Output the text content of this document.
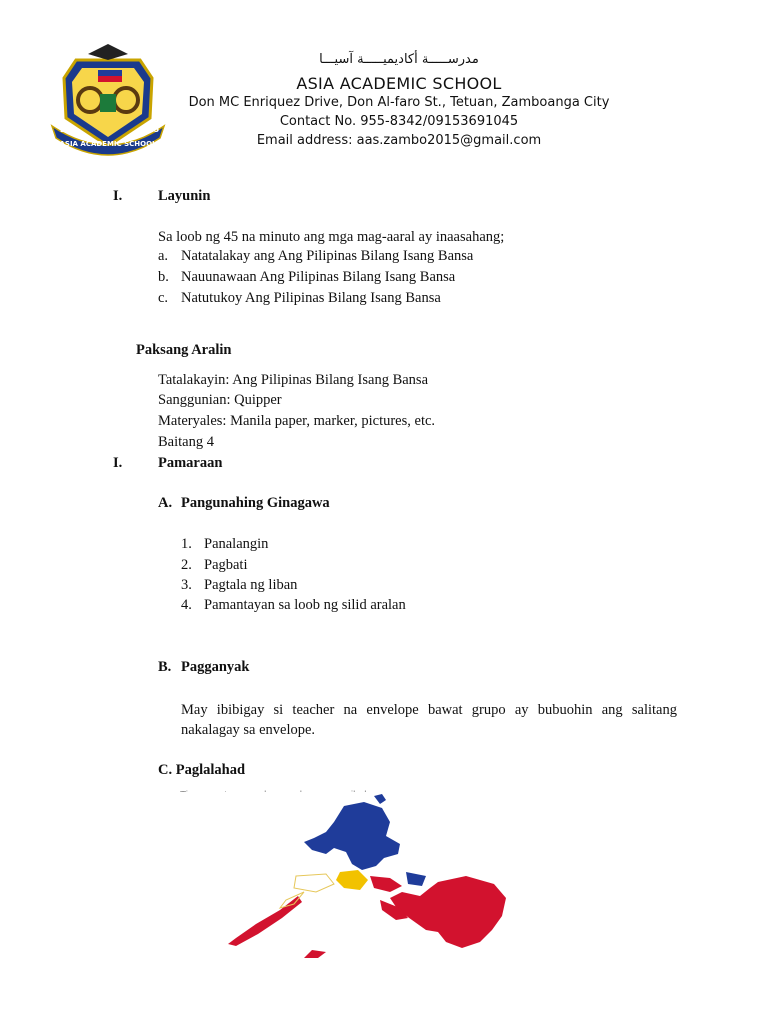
ASIA ACADEMIC SCHOOL
20	15
مدرســـــة أكاديميـــــة آسيـــا
ASIA ACADEMIC SCHOOL
Don MC Enriquez Drive, Don Al-faro St., Tetuan, Zamboanga City
Contact No. 955-8342/09153691045
Email address: aas.zambo2015@gmail.com
I. Layunin
Sa loob ng 45 na minuto ang mga mag-aaral ay inaasahang;
a. Natatalakay ang Ang Pilipinas Bilang Isang Bansa
b. Nauunawaan Ang Pilipinas Bilang Isang Bansa
c. Natutukoy Ang Pilipinas Bilang Isang Bansa
Paksang Aralin
Tatalakayin: Ang Pilipinas Bilang Isang Bansa
Sanggunian: Quipper
Materyales: Manila paper, marker, pictures, etc.
Baitang 4
I. Pamaraan
A. Pangunahing Ginagawa
1. Panalangin
2. Pagbati
3. Pagtala ng liban
4. Pamantayan sa loob ng silid aralan
B. Pagganyak
May ibibigay si teacher na envelope bawat grupo ay bubuohin ang salitang nakalagay sa envelope.
C. Paglalahad
